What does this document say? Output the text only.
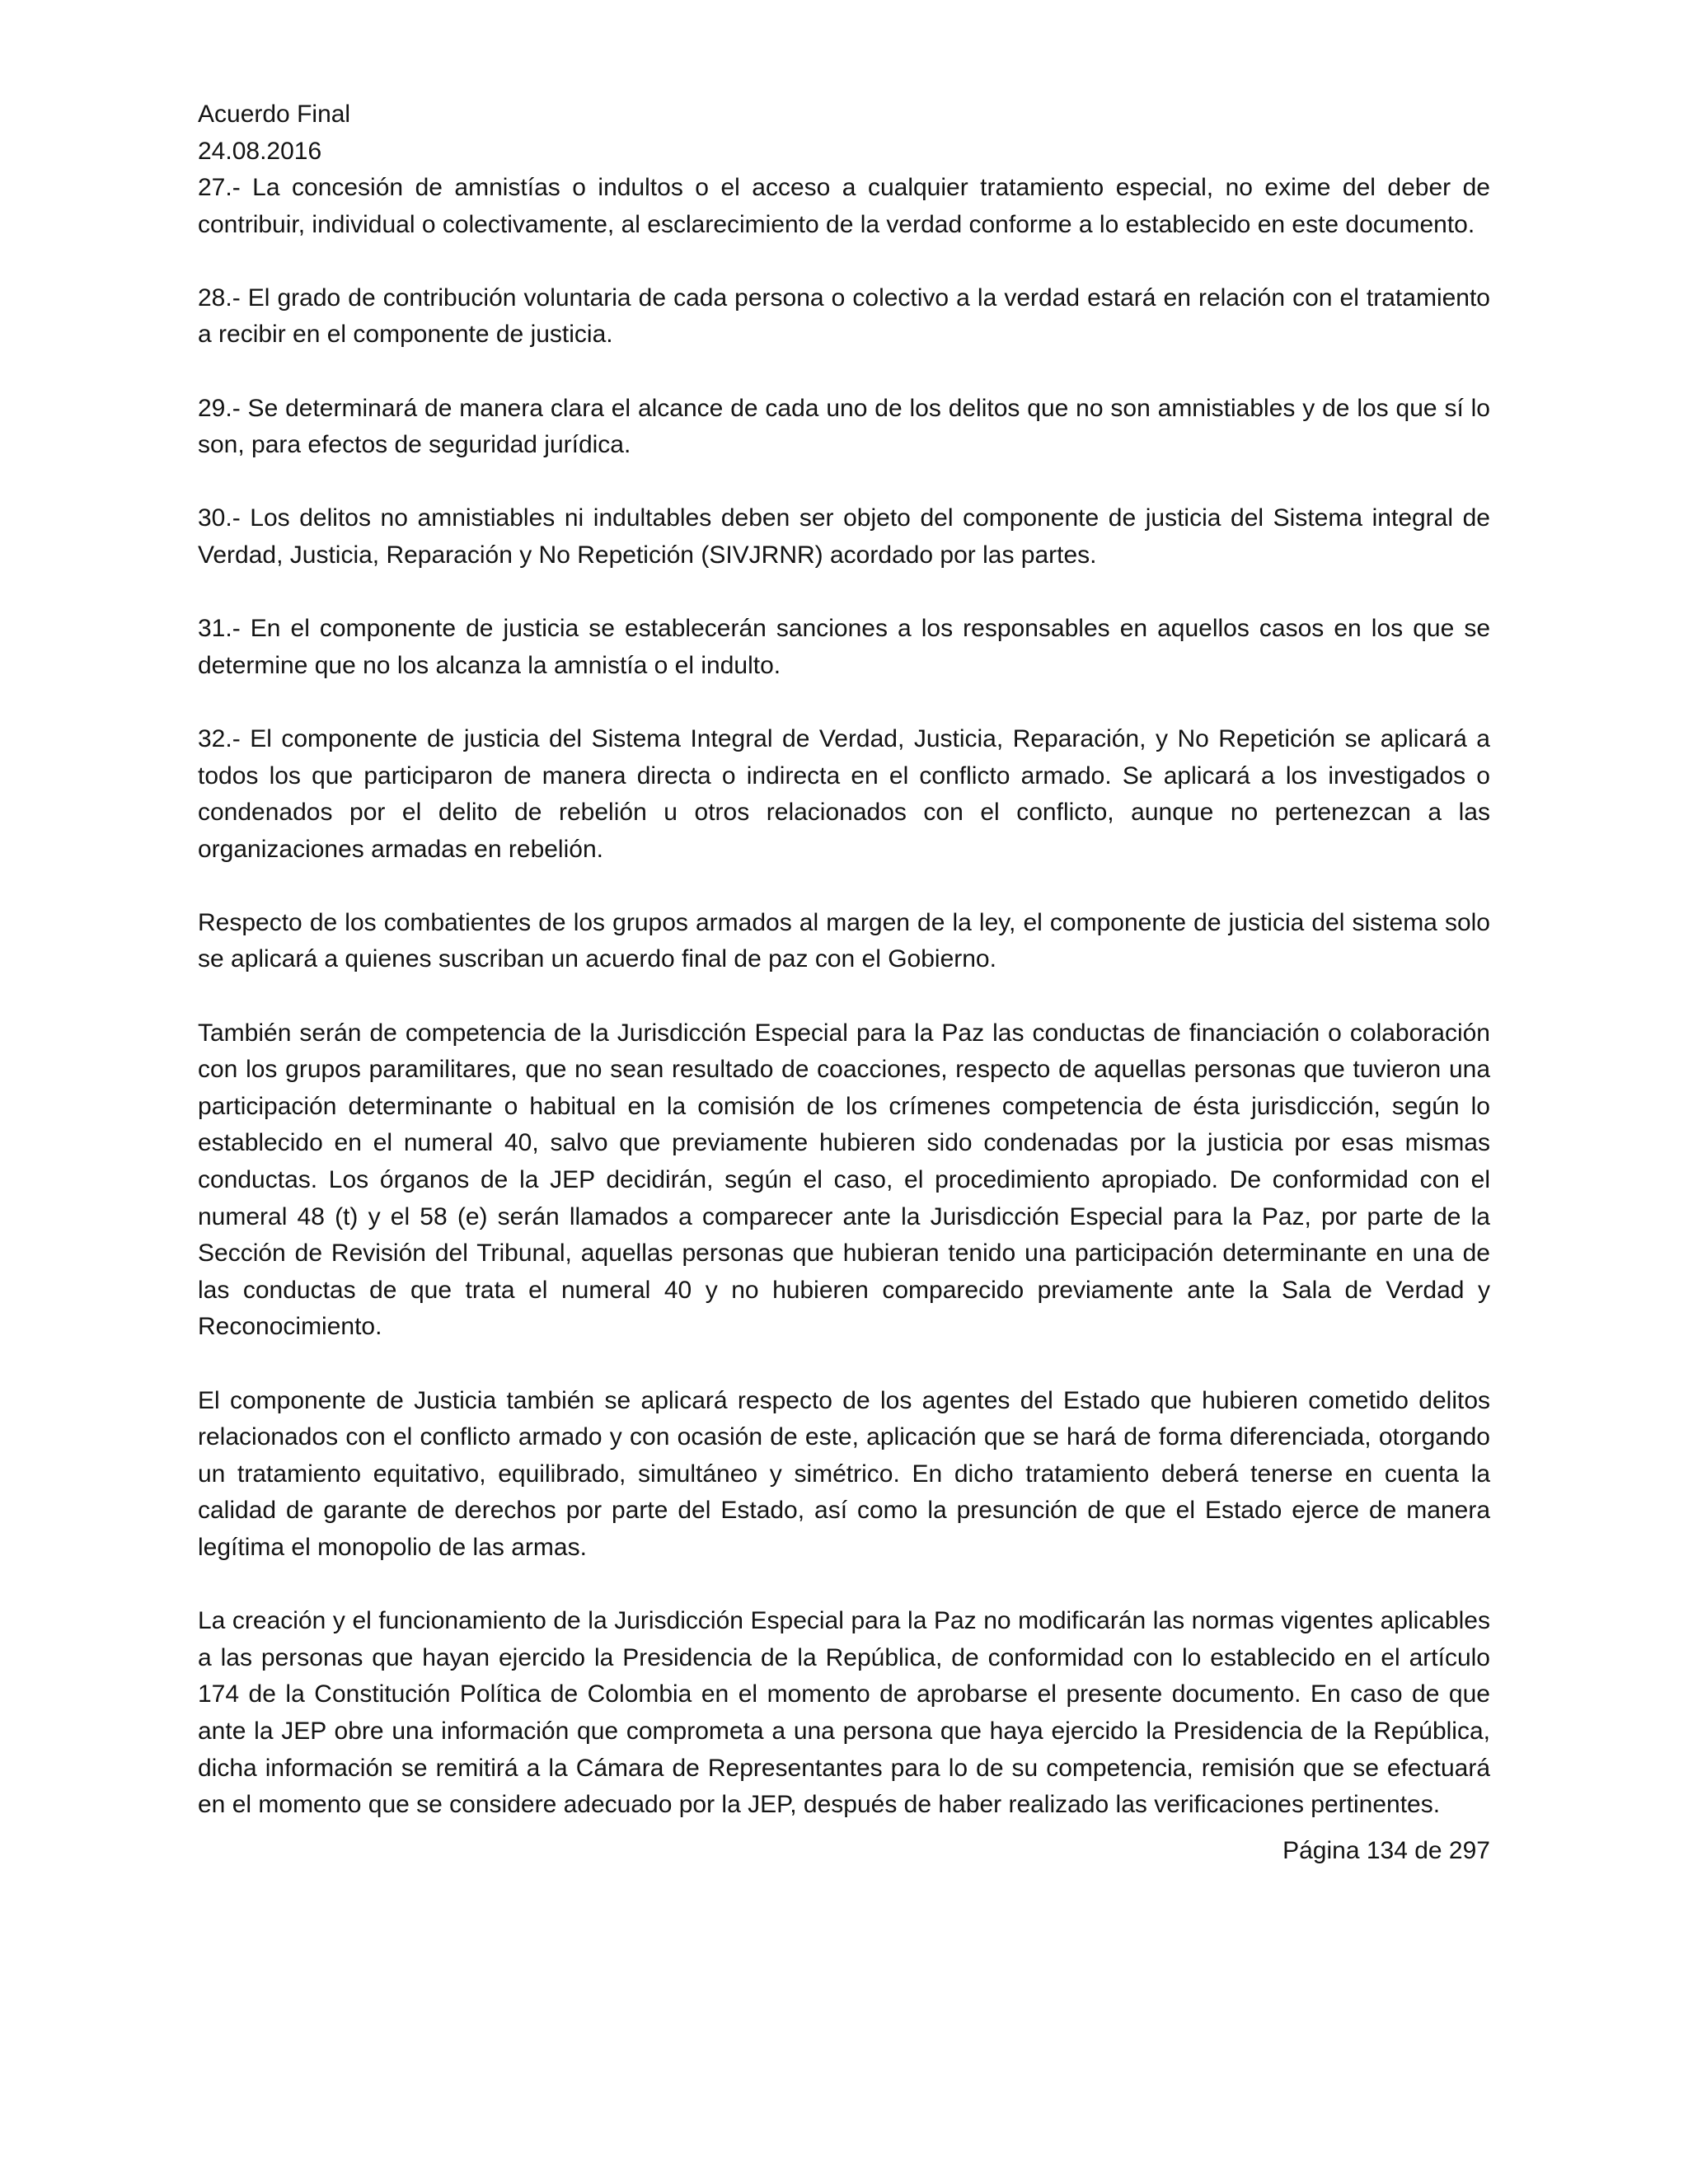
Acuerdo Final

24.08.2016

27.- La concesión de amnistías o indultos o el acceso a cualquier tratamiento especial, no exime del deber de contribuir, individual o colectivamente, al esclarecimiento de la verdad conforme a lo establecido en este documento.

28.- El grado de contribución voluntaria de cada persona o colectivo a la verdad estará en relación con el tratamiento a recibir en el componente de justicia.

29.- Se determinará de manera clara el alcance de cada uno de los delitos que no son amnistiables y de los que sí lo son, para efectos de seguridad jurídica.

30.- Los delitos no amnistiables ni indultables deben ser objeto del componente de justicia del Sistema integral de Verdad, Justicia, Reparación y No Repetición (SIVJRNR) acordado por las partes.

31.- En el componente de justicia se establecerán sanciones a los responsables en aquellos casos en los que se determine que no los alcanza la amnistía o el indulto.

32.- El componente de justicia del Sistema Integral de Verdad, Justicia, Reparación, y No Repetición se aplicará a todos los que participaron de manera directa o indirecta en el conflicto armado. Se aplicará a los investigados o condenados por el delito de rebelión u otros relacionados con el conflicto, aunque no pertenezcan a las organizaciones armadas en rebelión.

Respecto de los combatientes de los grupos armados al margen de la ley, el componente de justicia del sistema solo se aplicará a quienes suscriban un acuerdo final de paz con el Gobierno.

También serán de competencia de la Jurisdicción Especial para la Paz las conductas de financiación o colaboración con los grupos paramilitares, que no sean resultado de coacciones, respecto de aquellas personas que tuvieron una participación determinante o habitual en la comisión de los crímenes competencia de ésta jurisdicción, según lo establecido en el numeral 40, salvo que previamente hubieren sido condenadas por la justicia por esas mismas conductas. Los órganos de la JEP decidirán, según el caso, el procedimiento apropiado. De conformidad con el numeral 48 (t) y el 58 (e) serán llamados a comparecer ante la Jurisdicción Especial para la Paz, por parte de la Sección de Revisión del Tribunal, aquellas personas que hubieran tenido una participación determinante en una de las conductas de que trata el numeral 40 y no hubieren comparecido previamente ante la Sala de Verdad y Reconocimiento.

El componente de Justicia también se aplicará respecto de los agentes del Estado que hubieren cometido delitos relacionados con el conflicto armado y con ocasión de este, aplicación que se hará de forma diferenciada, otorgando un tratamiento equitativo, equilibrado, simultáneo y simétrico. En dicho tratamiento deberá tenerse en cuenta la calidad de garante de derechos por parte del Estado, así como la presunción de que el Estado ejerce de manera legítima el monopolio de las armas.

La creación y el funcionamiento de la Jurisdicción Especial para la Paz no modificarán las normas vigentes aplicables a las personas que hayan ejercido la Presidencia de la República, de conformidad con lo establecido en el artículo 174 de la Constitución Política de Colombia en el momento de aprobarse el presente documento. En caso de que ante la JEP obre una información que comprometa a una persona que haya ejercido la Presidencia de la República, dicha información se remitirá a la Cámara de Representantes para lo de su competencia, remisión que se efectuará en el momento que se considere adecuado por la JEP, después de haber realizado las verificaciones pertinentes.

Página 134 de 297
